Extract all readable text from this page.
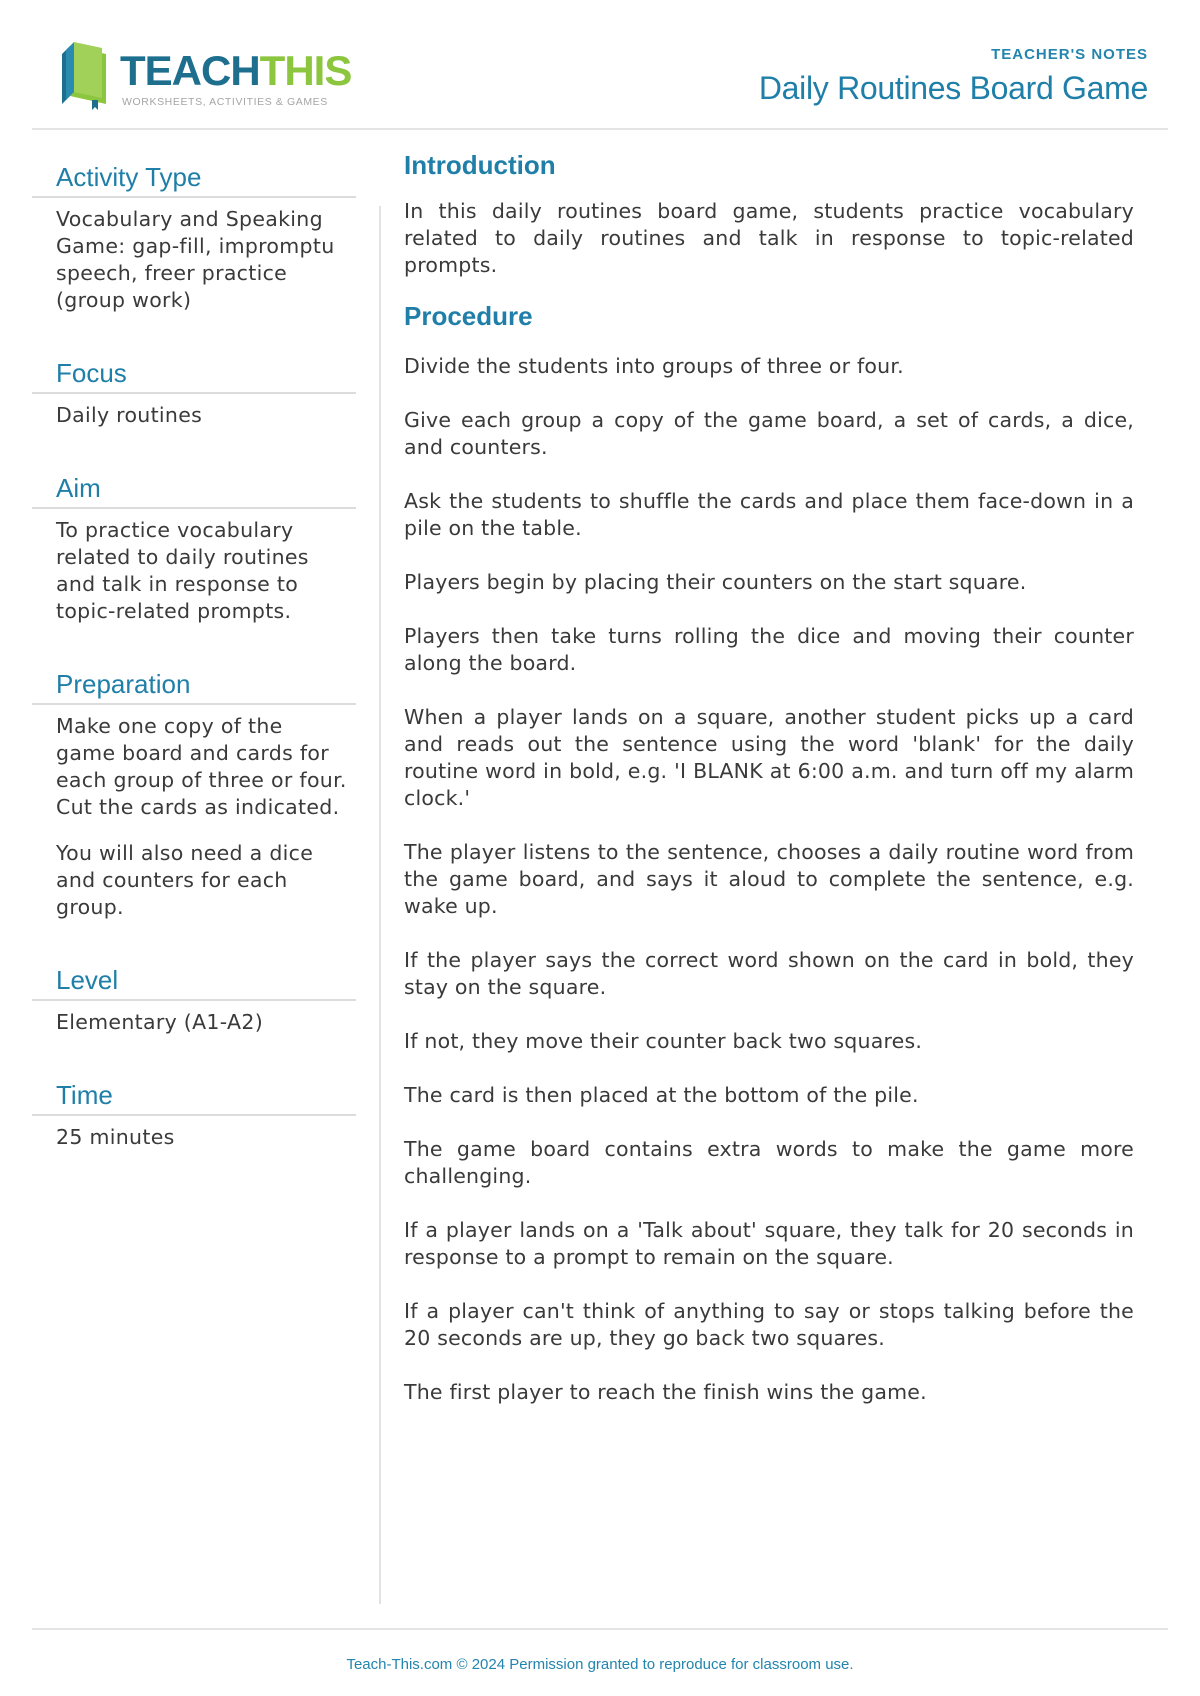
TEACHTHIS
WORKSHEETS, ACTIVITIES & GAMES
TEACHER'S NOTES
Daily Routines Board Game
Activity Type

Vocabulary and Speaking Game: gap-fill, impromptu speech, freer practice (group work)

Focus

Daily routines

Aim

To practice vocabulary related to daily routines and talk in response to topic-related prompts.

Preparation

Make one copy of the game board and cards for each group of three or four. Cut the cards as indicated.

You will also need a dice and counters for each group.

Level

Elementary (A1-A2)

Time

25 minutes

Introduction

In this daily routines board game, students practice vocabulary related to daily routines and talk in response to topic-related prompts.

Procedure

Divide the students into groups of three or four.

Give each group a copy of the game board, a set of cards, a dice, and counters.

Ask the students to shuffle the cards and place them face-down in a pile on the table.

Players begin by placing their counters on the start square.

Players then take turns rolling the dice and moving their counter along the board.

When a player lands on a square, another student picks up a card and reads out the sentence using the word 'blank' for the daily routine word in bold, e.g. 'I BLANK at 6:00 a.m. and turn off my alarm clock.'

The player listens to the sentence, chooses a daily routine word from the game board, and says it aloud to complete the sentence, e.g. wake up.

If the player says the correct word shown on the card in bold, they stay on the square.

If not, they move their counter back two squares.

The card is then placed at the bottom of the pile.

The game board contains extra words to make the game more challenging.

If a player lands on a 'Talk about' square, they talk for 20 seconds in response to a prompt to remain on the square.

If a player can't think of anything to say or stops talking before the 20 seconds are up, they go back two squares.

The first player to reach the finish wins the game.

Teach-This.com © 2024 Permission granted to reproduce for classroom use.
